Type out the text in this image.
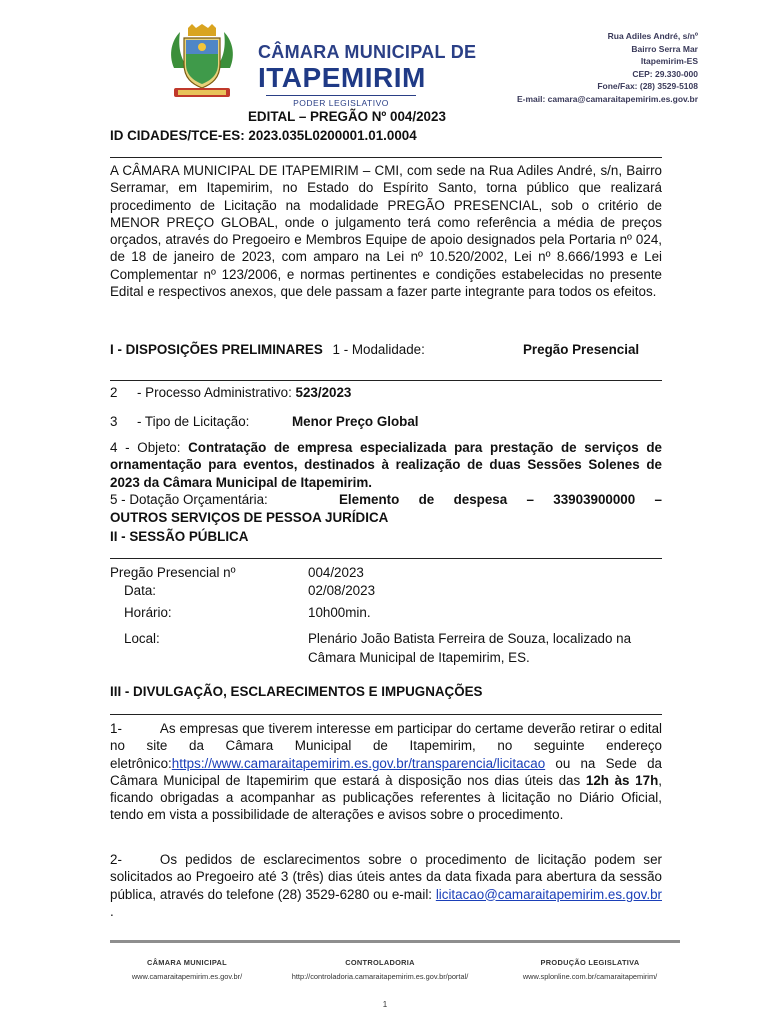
CÂMARA MUNICIPAL DE
ITAPEMIRIM
PODER LEGISLATIVO
Rua Adiles André, s/nº
Bairro Serra Mar
Itapemirim-ES
CEP: 29.330-000
Fone/Fax: (28) 3529-5108
E-mail: camara@camaraitapemirim.es.gov.br
EDITAL – PREGÃO Nº 004/2023
ID CIDADES/TCE-ES: 2023.035L0200001.01.0004
A CÂMARA MUNICIPAL DE ITAPEMIRIM – CMI, com sede na Rua Adiles André, s/n, Bairro Serramar, em Itapemirim, no Estado do Espírito Santo, torna público que realizará procedimento de Licitação na modalidade PREGÃO PRESENCIAL, sob o critério de MENOR PREÇO GLOBAL, onde o julgamento terá como referência a média de preços orçados, através do Pregoeiro e Membros Equipe de apoio designados pela Portaria nº 024, de 18 de janeiro de 2023, com amparo na Lei nº 10.520/2002, Lei nº 8.666/1993 e Lei Complementar nº 123/2006, e normas pertinentes e condições estabelecidas no presente Edital e respectivos anexos, que dele passam a fazer parte integrante para todos os efeitos.
I - DISPOSIÇÕES PRELIMINARES 1 - Modalidade:	Pregão Presencial
2 - Processo Administrativo: 523/2023
3 - Tipo de Licitação:	Menor Preço Global
4 - Objeto: Contratação de empresa especializada para prestação de serviços de ornamentação para eventos, destinados à realização de duas Sessões Solenes de 2023 da Câmara Municipal de Itapemirim.
5 - Dotação Orçamentária:	Elemento de despesa – 33903900000 –
OUTROS SERVIÇOS DE PESSOA JURÍDICA
II - SESSÃO PÚBLICA
Pregão Presencial nº	004/2023
Data:	02/08/2023
Horário:	10h00min.
Local:	Plenário João Batista Ferreira de Souza, localizado na
Câmara Municipal de Itapemirim, ES.
III - DIVULGAÇÃO, ESCLARECIMENTOS E IMPUGNAÇÕES
1-	As empresas que tiverem interesse em participar do certame deverão retirar o edital no site da Câmara Municipal de Itapemirim, no seguinte endereço eletrônico:https://www.camaraitapemirim.es.gov.br/transparencia/licitacao ou na Sede da Câmara Municipal de Itapemirim que estará à disposição nos dias úteis das 12h às 17h, ficando obrigadas a acompanhar as publicações referentes à licitação no Diário Oficial, tendo em vista a possibilidade de alterações e avisos sobre o procedimento.
2-	Os pedidos de esclarecimentos sobre o procedimento de licitação podem ser solicitados ao Pregoeiro até 3 (três) dias úteis antes da data fixada para abertura da sessão pública, através do telefone (28) 3529-6280 ou e-mail: licitacao@camaraitapemirim.es.gov.br .
CÂMARA MUNICIPAL
www.camaraitapemirim.es.gov.br/
CONTROLADORIA
http://controladoria.camaraitapemirim.es.gov.br/portal/
PRODUÇÃO LEGISLATIVA
www.splonline.com.br/camaraitapemirim/
1
